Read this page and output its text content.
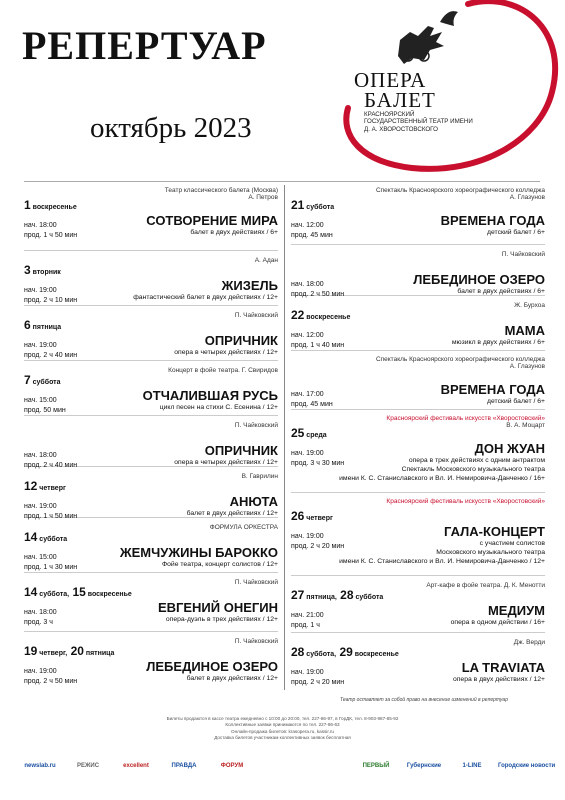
РЕПЕРТУАР
октябрь 2023
ОПЕРА
БАЛЕТ
КРАСНОЯРСКИЙ ГОСУДАРСТВЕННЫЙ ТЕАТР ИМЕНИ Д. А. ХВОРОСТОВСКОГО
Театр классического балета (Москва)
А. Петров
1 воскресенье
СОТВОРЕНИЕ МИРА
нач. 18:00
прод. 1 ч 50 мин	балет в двух действиях / 6+
А. Адан
3 вторник
ЖИЗЕЛЬ
нач. 19:00
прод. 2 ч 10 мин	фантастический балет в двух действиях / 12+
П. Чайковский
6 пятница
ОПРИЧНИК
нач. 19:00
прод. 2 ч 40 мин	опера в четырех действиях / 12+
Концерт в фойе театра. Г. Свиридов
7 суббота
ОТЧАЛИВШАЯ РУСЬ
нач. 15:00
прод. 50 мин	цикл песен на стихи С. Есенина / 12+
П. Чайковский
ОПРИЧНИК
нач. 18:00
прод. 2 ч 40 мин	опера в четырех действиях / 12+
В. Гаврилин
12 четверг
АНЮТА
нач. 19:00
прод. 1 ч 50 мин	балет в двух действиях / 12+
ФОРМУЛА ОРКЕСТРА
14 суббота
ЖЕМЧУЖИНЫ БАРОККО
нач. 15:00
прод. 1 ч 30 мин	Фойе театра, концерт солистов / 12+
П. Чайковский
14 суббота, 15 воскресенье
ЕВГЕНИЙ ОНЕГИН
нач. 18:00
прод. 3 ч	опера-дуэль в трех действиях / 12+
П. Чайковский
19 четверг, 20 пятница
ЛЕБЕДИНОЕ ОЗЕРО
нач. 19:00
прод. 2 ч 50 мин	балет в двух действиях / 12+
Спектакль Красноярского хореографического колледжа
А. Глазунов
21 суббота
ВРЕМЕНА ГОДА
нач. 12:00
прод. 45 мин	детский балет / 6+
П. Чайковский
ЛЕБЕДИНОЕ ОЗЕРО
нач. 18:00
прод. 2 ч 50 мин	балет в двух действиях / 6+
Ж. Бурхоа
22 воскресенье
МАМА
нач. 12:00
прод. 1 ч 40 мин	мюзикл в двух действиях / 6+
Спектакль Красноярского хореографического колледжа
А. Глазунов
ВРЕМЕНА ГОДА
нач. 17:00
прод. 45 мин	детский балет / 6+
Красноярский фестиваль искусств «Хворостовский»
В. А. Моцарт
25 среда
ДОН ЖУАН
нач. 19:00
прод. 3 ч 30 мин	опера в трех действиях с одним антрактом
Спектакль Московского музыкального театра
имени К. С. Станиславского и Вл. И. Немировича-Данченко / 16+
Красноярский фестиваль искусств «Хворостовский»
26 четверг
ГАЛА-КОНЦЕРТ
нач. 19:00
прод. 2 ч 20 мин	с участием солистов
Московского музыкального театра
имени К. С. Станиславского и Вл. И. Немировича-Данченко / 12+
Арт-кафе в фойе театра. Д. К. Менотти
27 пятница, 28 суббота
МЕДИУМ
нач. 21:00
прод. 1 ч	опера в одном действии / 16+
Дж. Верди
28 суббота, 29 воскресенье
LA TRAVIATA
нач. 19:00
прод. 2 ч 20 мин	опера в двух действиях / 12+
Театр оставляет за собой право на внесение изменений в репертуар
Билеты продаются в кассе театра ежедневно с 10:00 до 20:00, тел. 227-86-97, в ГорДК, тел. 8-903-987-85-92
Коллективные заявки принимаются по тел. 227-86-63
Онлайн-продажа билетов: krasopera.ru, kassir.ru
Доставка билетов участникам коллективных заявок бесплатная
newslab.ru	РЕЖИС	excellent	ПРАВДА	ФОРУМ	ПЕРВЫЙ	Губернские	1-LINE	Городские новости
